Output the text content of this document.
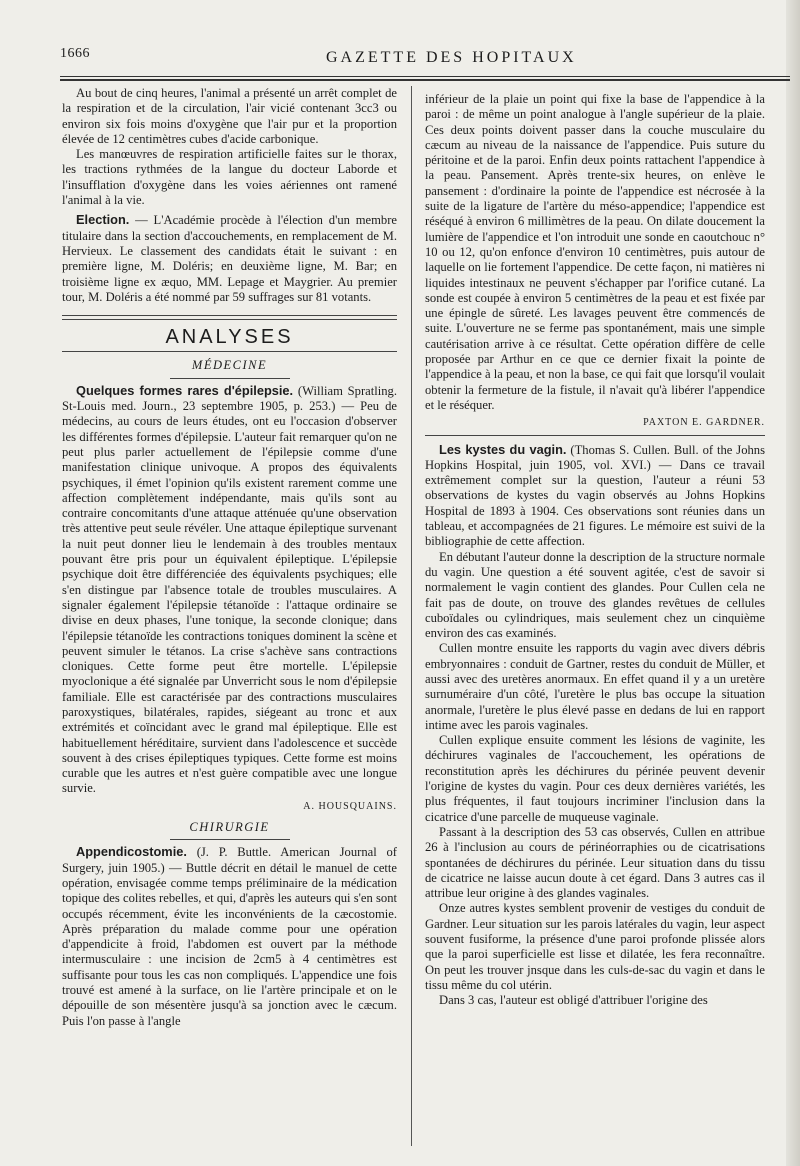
1666	GAZETTE DES HOPITAUX

Au bout de cinq heures, l'animal a présenté un arrêt complet de la respiration et de la circulation, l'air vicié contenant 3cc3 ou environ six fois moins d'oxygène que l'air pur et la proportion élevée de 12 centimètres cubes d'acide carbonique.

Les manœuvres de respiration artificielle faites sur le thorax, les tractions rythmées de la langue du docteur Laborde et l'insufflation d'oxygène dans les voies aériennes ont ramené l'animal à la vie.

Election. — L'Académie procède à l'élection d'un membre titulaire dans la section d'accouchements, en remplacement de M. Hervieux. Le classement des candidats était le suivant : en première ligne, M. Doléris; en deuxième ligne, M. Bar; en troisième ligne ex æquo, MM. Lepage et Maygrier. Au premier tour, M. Doléris a été nommé par 59 suffrages sur 81 votants.

ANALYSES
MÉDECINE

Quelques formes rares d'épilepsie. (William Spratling. St-Louis med. Journ., 23 septembre 1905, p. 253.) — Peu de médecins, au cours de leurs études, ont eu l'occasion d'observer les différentes formes d'épilepsie. L'auteur fait remarquer qu'on ne peut plus parler actuellement de l'épilepsie comme d'une manifestation clinique univoque. A propos des équivalents psychiques, il émet l'opinion qu'ils existent rarement comme une affection complètement indépendante, mais qu'ils sont au contraire concomitants d'une attaque atténuée qu'une observation très attentive peut seule révéler. Une attaque épileptique survenant la nuit peut donner lieu le lendemain à des troubles mentaux pouvant être pris pour un équivalent épileptique. L'épilepsie psychique doit être différenciée des équivalents psychiques; elle s'en distingue par l'absence totale de troubles musculaires. A signaler également l'épilepsie tétanoïde : l'attaque ordinaire se divise en deux phases, l'une tonique, la seconde clonique; dans l'épilepsie tétanoïde les contractions toniques dominent la scène et peuvent simuler le tétanos. La crise s'achève sans contractions cloniques. Cette forme peut être mortelle. L'épilepsie myoclonique a été signalée par Unverricht sous le nom d'épilepsie familiale. Elle est caractérisée par des contractions musculaires paroxystiques, bilatérales, rapides, siégeant au tronc et aux extrémités et coïncidant avec le grand mal épileptique. Elle est habituellement héréditaire, survient dans l'adolescence et succède souvent à des crises épileptiques typiques. Cette forme est moins curable que les autres et n'est guère compatible avec une longue survie.

A. HOUSQUAINS.
CHIRURGIE

Appendicostomie. (J. P. Buttle. American Journal of Surgery, juin 1905.) — Buttle décrit en détail le manuel de cette opération, envisagée comme temps préliminaire de la médication topique des colites rebelles, et qui, d'après les auteurs qui s'en sont occupés récemment, évite les inconvénients de la cæcostomie. Après préparation du malade comme pour une opération d'appendicite à froid, l'abdomen est ouvert par la méthode intermusculaire : une incision de 2cm5 à 4 centimètres est suffisante pour tous les cas non compliqués. L'appendice une fois trouvé est amené à la surface, on lie l'artère principale et on le dépouille de son mésentère jusqu'à sa jonction avec le cæcum. Puis l'on passe à l'angle

inférieur de la plaie un point qui fixe la base de l'appendice à la paroi : de même un point analogue à l'angle supérieur de la plaie. Ces deux points doivent passer dans la couche musculaire du cæcum au niveau de la naissance de l'appendice. Puis suture du péritoine et de la paroi. Enfin deux points rattachent l'appendice à la peau. Pansement. Après trente-six heures, on enlève le pansement : d'ordinaire la pointe de l'appendice est nécrosée à la suite de la ligature de l'artère du méso-appendice; l'appendice est réséqué à environ 6 millimètres de la peau. On dilate doucement la lumière de l'appendice et l'on introduit une sonde en caoutchouc n° 10 ou 12, qu'on enfonce d'environ 10 centimètres, puis autour de laquelle on lie fortement l'appendice. De cette façon, ni matières ni liquides intestinaux ne peuvent s'échapper par l'orifice cutané. La sonde est coupée à environ 5 centimètres de la peau et est fixée par une épingle de sûreté. Les lavages peuvent être commencés de suite. L'ouverture ne se ferme pas spontanément, mais une simple cautérisation arrive à ce résultat. Cette opération diffère de celle proposée par Arthur en ce que ce dernier fixait la pointe de l'appendice à la peau, et non la base, ce qui fait que lorsqu'il voulait obtenir la fermeture de la fistule, il n'avait qu'à libérer l'appendice et le réséquer.

PAXTON E. GARDNER.

Les kystes du vagin. (Thomas S. Cullen. Bull. of the Johns Hopkins Hospital, juin 1905, vol. XVI.) — Dans ce travail extrêmement complet sur la question, l'auteur a réuni 53 observations de kystes du vagin observés au Johns Hopkins Hospital de 1893 à 1904. Ces observations sont réunies dans un tableau, et accompagnées de 21 figures. Le mémoire est suivi de la bibliographie de cette affection.

En débutant l'auteur donne la description de la structure normale du vagin. Une question a été souvent agitée, c'est de savoir si normalement le vagin contient des glandes. Pour Cullen cela ne fait pas de doute, on trouve des glandes revêtues de cellules cuboïdales ou cylindriques, mais seulement chez un cinquième environ des cas examinés.

Cullen montre ensuite les rapports du vagin avec divers débris embryonnaires : conduit de Gartner, restes du conduit de Müller, et aussi avec des uretères anormaux. En effet quand il y a un uretère surnuméraire d'un côté, l'uretère le plus bas occupe la situation anormale, l'uretère le plus élevé passe en dedans de lui en rapport intime avec les parois vaginales.

Cullen explique ensuite comment les lésions de vaginite, les déchirures vaginales de l'accouchement, les opérations de reconstitution après les déchirures du périnée peuvent devenir l'origine de kystes du vagin. Pour ces deux dernières variétés, les plus fréquentes, il faut toujours incriminer l'inclusion dans la cicatrice d'une parcelle de muqueuse vaginale.

Passant à la description des 53 cas observés, Cullen en attribue 26 à l'inclusion au cours de périnéorraphies ou de cicatrisations spontanées de déchirures du périnée. Leur situation dans du tissu de cicatrice ne laisse aucun doute à cet égard. Dans 3 autres cas il attribue leur origine à des glandes vaginales.

Onze autres kystes semblent provenir de vestiges du conduit de Gardner. Leur situation sur les parois latérales du vagin, leur aspect souvent fusiforme, la présence d'une paroi profonde plissée alors que la paroi superficielle est lisse et dilatée, les fera reconnaître. On peut les trouver jnsque dans les culs-de-sac du vagin et dans le tissu même du col utérin.

Dans 3 cas, l'auteur est obligé d'attribuer l'origine des
